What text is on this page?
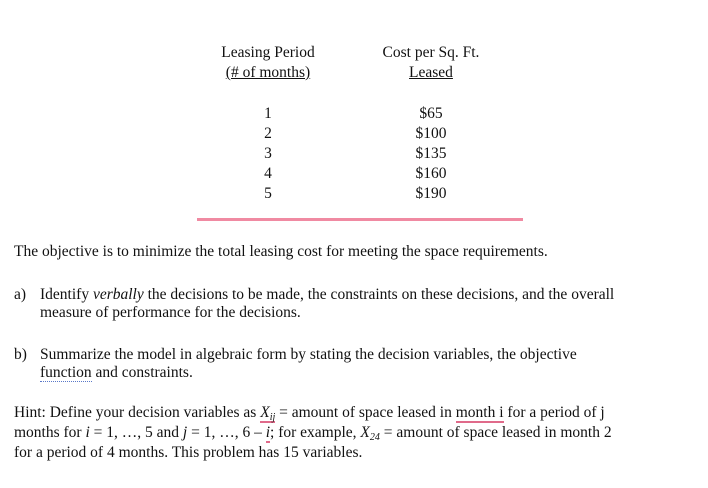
Leasing Period
(# of months)
Cost per Sq. Ft.
Leased
1
2
3
4
5
$65
$100
$135
$160
$190
The objective is to minimize the total leasing cost for meeting the space requirements.
a) Identify verbally the decisions to be made, the constraints on these decisions, and the overall
measure of performance for the decisions.
b) Summarize the model in algebraic form by stating the decision variables, the objective
function and constraints.
Hint: Define your decision variables as $X_{ij}$ = amount of space leased in month i for a period of j
months for i = 1, …, 5 and j = 1, …, 6 – i; for example, $X_{24}$ = amount of space leased in month 2
for a period of 4 months. This problem has 15 variables.
